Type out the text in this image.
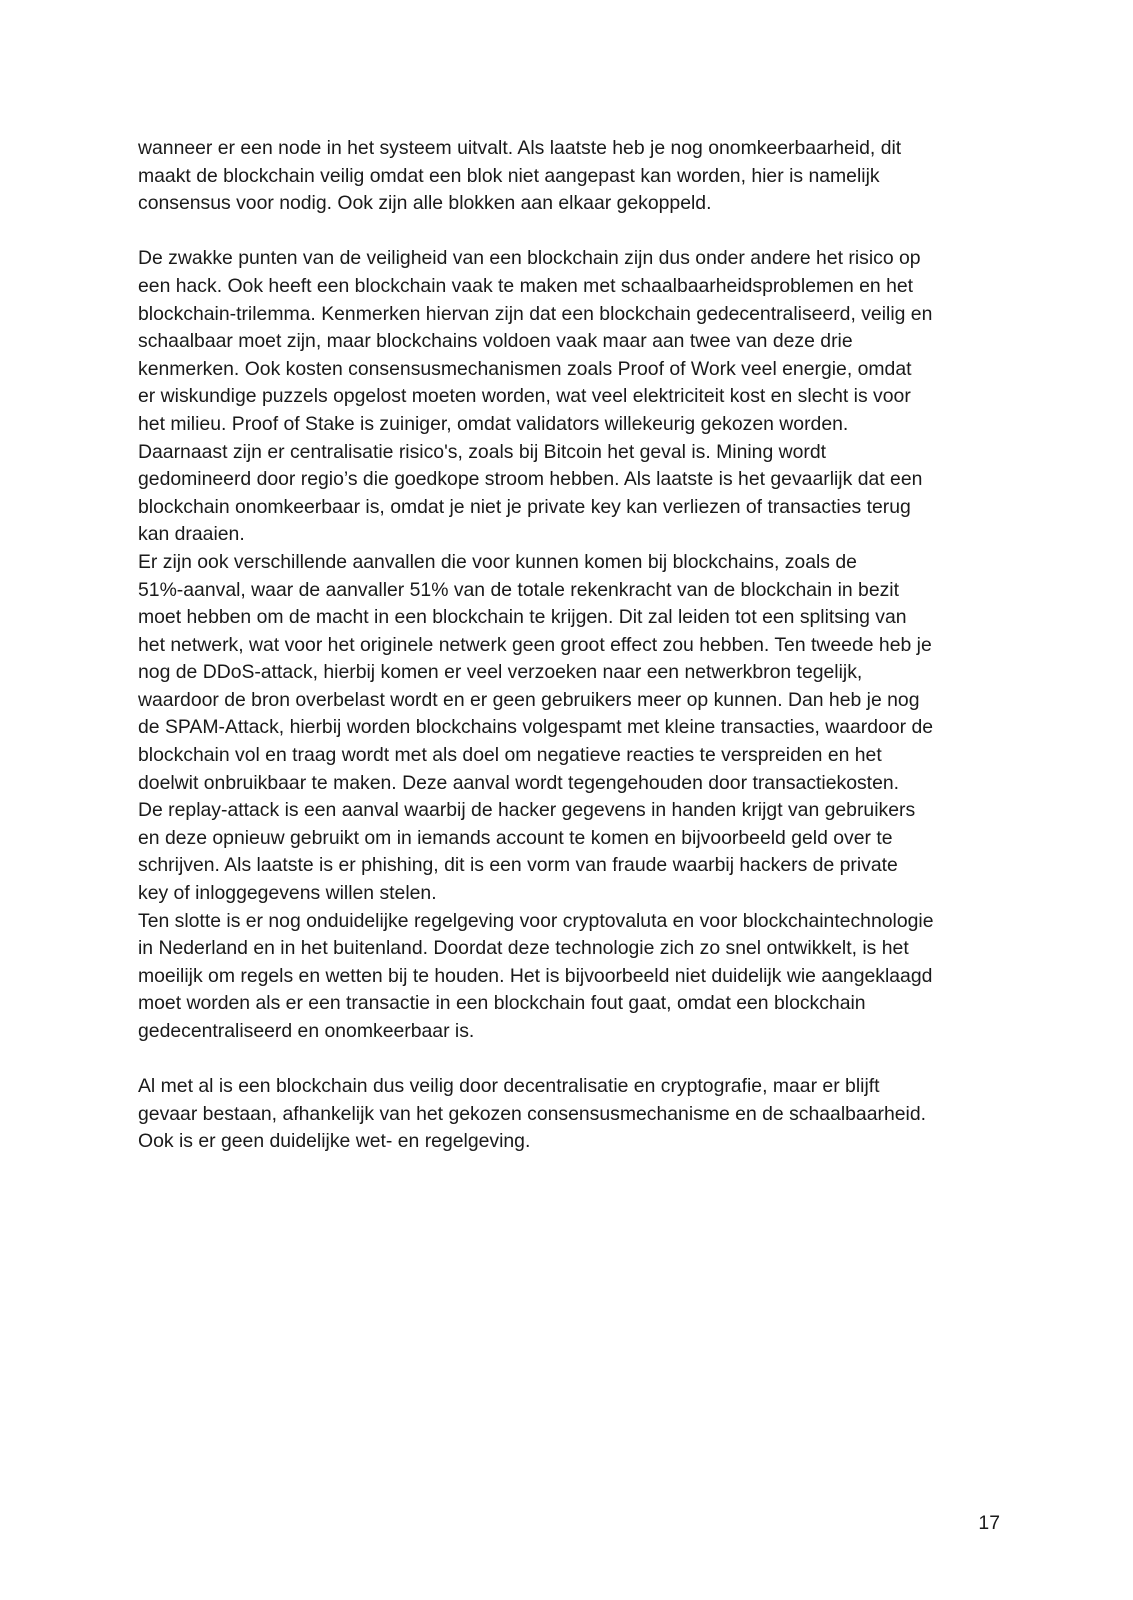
wanneer er een node in het systeem uitvalt. Als laatste heb je nog onomkeerbaarheid, dit
maakt de blockchain veilig omdat een blok niet aangepast kan worden, hier is namelijk
consensus voor nodig. Ook zijn alle blokken aan elkaar gekoppeld.
De zwakke punten van de veiligheid van een blockchain zijn dus onder andere het risico op
een hack. Ook heeft een blockchain vaak te maken met schaalbaarheidsproblemen en het
blockchain-trilemma. Kenmerken hiervan zijn dat een blockchain gedecentraliseerd, veilig en
schaalbaar moet zijn, maar blockchains voldoen vaak maar aan twee van deze drie
kenmerken. Ook kosten consensusmechanismen zoals Proof of Work veel energie, omdat
er wiskundige puzzels opgelost moeten worden, wat veel elektriciteit kost en slecht is voor
het milieu. Proof of Stake is zuiniger, omdat validators willekeurig gekozen worden.
Daarnaast zijn er centralisatie risico's, zoals bij Bitcoin het geval is. Mining wordt
gedomineerd door regio’s die goedkope stroom hebben. Als laatste is het gevaarlijk dat een
blockchain onomkeerbaar is, omdat je niet je private key kan verliezen of transacties terug
kan draaien.
Er zijn ook verschillende aanvallen die voor kunnen komen bij blockchains, zoals de
51%-aanval, waar de aanvaller 51% van de totale rekenkracht van de blockchain in bezit
moet hebben om de macht in een blockchain te krijgen. Dit zal leiden tot een splitsing van
het netwerk, wat voor het originele netwerk geen groot effect zou hebben. Ten tweede heb je
nog de DDoS-attack, hierbij komen er veel verzoeken naar een netwerkbron tegelijk,
waardoor de bron overbelast wordt en er geen gebruikers meer op kunnen. Dan heb je nog
de SPAM-Attack, hierbij worden blockchains volgespamt met kleine transacties, waardoor de
blockchain vol en traag wordt met als doel om negatieve reacties te verspreiden en het
doelwit onbruikbaar te maken. Deze aanval wordt tegengehouden door transactiekosten.
De replay-attack is een aanval waarbij de hacker gegevens in handen krijgt van gebruikers
en deze opnieuw gebruikt om in iemands account te komen en bijvoorbeeld geld over te
schrijven. Als laatste is er phishing, dit is een vorm van fraude waarbij hackers de private
key of inloggegevens willen stelen.
Ten slotte is er nog onduidelijke regelgeving voor cryptovaluta en voor blockchaintechnologie
in Nederland en in het buitenland. Doordat deze technologie zich zo snel ontwikkelt, is het
moeilijk om regels en wetten bij te houden. Het is bijvoorbeeld niet duidelijk wie aangeklaagd
moet worden als er een transactie in een blockchain fout gaat, omdat een blockchain
gedecentraliseerd en onomkeerbaar is.
Al met al is een blockchain dus veilig door decentralisatie en cryptografie, maar er blijft
gevaar bestaan, afhankelijk van het gekozen consensusmechanisme en de schaalbaarheid.
Ook is er geen duidelijke wet- en regelgeving.
17
